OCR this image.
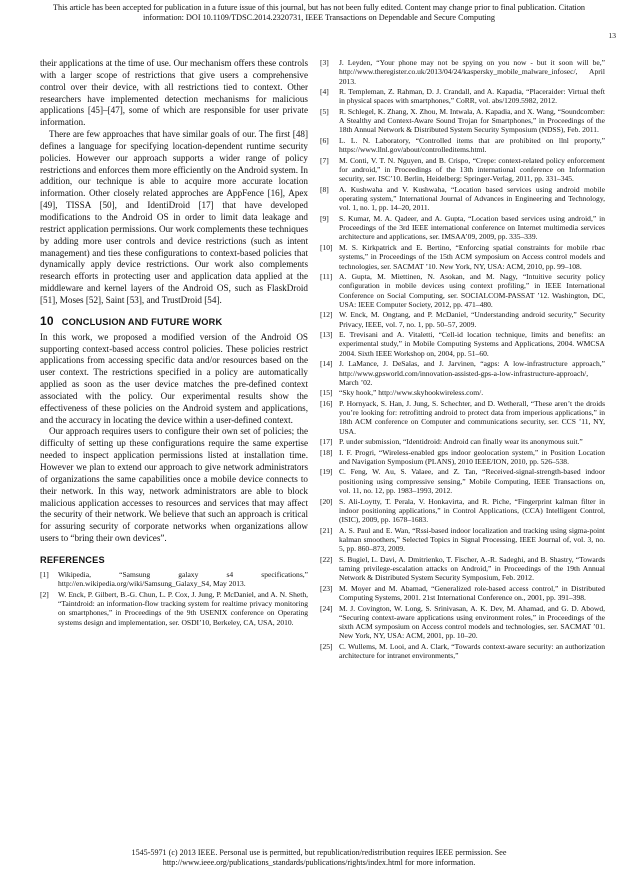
This article has been accepted for publication in a future issue of this journal, but has not been fully edited. Content may change prior to final publication. Citation
information: DOI 10.1109/TDSC.2014.2320731, IEEE Transactions on Dependable and Secure Computing
13

their applications at the time of use. Our mechanism offers these controls with a larger scope of restrictions that give users a comprehensive control over their device, with all restrictions tied to context. Other researchers have implemented detection mechanisms for malicious applications [45]–[47], some of which are responsible for user private information.

There are few approaches that have similar goals of our. The first [48] defines a language for specifying location-dependent runtime security policies. However our approach supports a wider range of policy restrictions and enforces them more efficiently on the Android system. In addition, our technique is able to acquire more accurate location information. Other closely related approches are AppFence [16], Apex [49], TISSA [50], and IdentiDroid [17] that have developed modifications to the Android OS in order to limit data leakage and restrict application permissions. Our work complements these techniques by adding more user controls and device restrictions (such as intent management) and ties these configurations to context-based policies that dynamically apply device restrictions. Our work also complements research efforts in protecting user and application data applied at the middleware and kernel layers of the Android OS, such as FlaskDroid [51], Moses [52], Saint [53], and TrustDroid [54].

10 CONCLUSION AND FUTURE WORK

In this work, we proposed a modified version of the Android OS supporting context-based access control policies. These policies restrict applications from accessing specific data and/or resources based on the user context. The restrictions specified in a policy are automatically applied as soon as the user device matches the pre-defined context associated with the policy. Our experimental results show the effectiveness of these policies on the Android system and applications, and the accuracy in locating the device within a user-defined context.

Our approach requires users to configure their own set of policies; the difficulty of setting up these configurations require the same expertise needed to inspect application permissions listed at installation time. However we plan to extend our approach to give network administrators of organizations the same capabilities once a mobile device connects to their network. In this way, network administrators are able to block malicious application accesses to resources and services that may affect the security of their network. We believe that such an approach is critical for assuring security of corporate networks when organizations allow users to “bring their own devices”.

REFERENCES
[1] Wikipedia, “Samsung galaxy s4 specifications,” http://en.wikipedia.org/wiki/Samsung_Galaxy_S4, May 2013.
[2] W. Enck, P. Gilbert, B.-G. Chun, L. P. Cox, J. Jung, P. McDaniel, and A. N. Sheth, “Taintdroid: an information-flow tracking system for realtime privacy monitoring on smartphones,” in Proceedings of the 9th USENIX conference on Operating systems design and implementation, ser. OSDI’10, Berkeley, CA, USA, 2010.
[3] J. Leyden, “Your phone may not be spying on you now - but it soon will be,” http://www.theregister.co.uk/2013/04/24/kaspersky_mobile_malware_infosec/, April 2013.
[4] R. Templeman, Z. Rahman, D. J. Crandall, and A. Kapadia, “Placeraider: Virtual theft in physical spaces with smartphones,” CoRR, vol. abs/1209.5982, 2012.
[5] R. Schlegel, K. Zhang, X. Zhou, M. Intwala, A. Kapadia, and X. Wang, “Soundcomber: A Stealthy and Context-Aware Sound Trojan for Smartphones,” in Proceedings of the 18th Annual Network & Distributed System Security Symposium (NDSS), Feb. 2011.
[6] L. L. N. Laboratory, “Controlled items that are prohibited on llnl proporty,” https://www.llnl.gov/about/controlleditems.html.
[7] M. Conti, V. T. N. Nguyen, and B. Crispo, “Crepe: context-related policy enforcement for android,” in Proceedings of the 13th international conference on Information security, ser. ISC’10. Berlin, Heidelberg: Springer-Verlag, 2011, pp. 331–345.
[8] A. Kushwaha and V. Kushwaha, “Location based services using android mobile operating system,” International Journal of Advances in Engineering and Technology, vol. 1, no. 1, pp. 14–20, 2011.
[9] S. Kumar, M. A. Qadeer, and A. Gupta, “Location based services using android,” in Proceedings of the 3rd IEEE international conference on Internet multimedia services architecture and applications, ser. IMSAA’09, 2009, pp. 335–339.
[10] M. S. Kirkpatrick and E. Bertino, “Enforcing spatial constraints for mobile rbac systems,” in Proceedings of the 15th ACM symposium on Access control models and technologies, ser. SACMAT ’10. New York, NY, USA: ACM, 2010, pp. 99–108.
[11] A. Gupta, M. Miettinen, N. Asokan, and M. Nagy, “Intuitive security policy configuration in mobile devices using context profiling,” in IEEE International Conference on Social Computing, ser. SOCIALCOM-PASSAT ’12. Washington, DC, USA: IEEE Computer Society, 2012, pp. 471–480.
[12] W. Enck, M. Ongtang, and P. McDaniel, “Understanding android security,” Security Privacy, IEEE, vol. 7, no. 1, pp. 50–57, 2009.
[13] E. Trevisani and A. Vitaletti, “Cell-id location technique, limits and benefits: an experimental study,” in Mobile Computing Systems and Applications, 2004. WMCSA 2004. Sixth IEEE Workshop on, 2004, pp. 51–60.
[14] J. LaMance, J. DeSalas, and J. Jarvinen, “agps: A low-infrastructure approach,” http://www.gpsworld.com/innovation-assisted-gps-a-low-infrastructure-approach/, March ’02.
[15] “Sky hook,” http://www.skyhookwireless.com/.
[16] P. Hornyack, S. Han, J. Jung, S. Schechter, and D. Wetherall, “These aren’t the droids you’re looking for: retrofitting android to protect data from imperious applications,” in 18th ACM conference on Computer and communications security, ser. CCS ’11, NY, USA.
[17] P. under submission, “Identidroid: Android can finally wear its anonymous suit.”
[18] I. F. Progri, “Wireless-enabled gps indoor geolocation system,” in Position Location and Navigation Symposium (PLANS), 2010 IEEE/ION, 2010, pp. 526–538.
[19] C. Feng, W. Au, S. Valaee, and Z. Tan, “Received-signal-strength-based indoor positioning using compressive sensing,” Mobile Computing, IEEE Transactions on, vol. 11, no. 12, pp. 1983–1993, 2012.
[20] S. Ali-Loytty, T. Perala, V. Honkavirta, and R. Piche, “Fingerprint kalman filter in indoor positioning applications,” in Control Applications, (CCA) Intelligent Control, (ISIC), 2009, pp. 1678–1683.
[21] A. S. Paul and E. Wan, “Rssi-based indoor localization and tracking using sigma-point kalman smoothers,” Selected Topics in Signal Processing, IEEE Journal of, vol. 3, no. 5, pp. 860–873, 2009.
[22] S. Bugiel, L. Davi, A. Dmitrienko, T. Fischer, A.-R. Sadeghi, and B. Shastry, “Towards taming privilege-escalation attacks on Android,” in Proceedings of the 19th Annual Network & Distributed System Security Symposium, Feb. 2012.
[23] M. Moyer and M. Abamad, “Generalized role-based access control,” in Distributed Computing Systems, 2001. 21st International Conference on., 2001, pp. 391–398.
[24] M. J. Covington, W. Long, S. Srinivasan, A. K. Dev, M. Ahamad, and G. D. Abowd, “Securing context-aware applications using environment roles,” in Proceedings of the sixth ACM symposium on Access control models and technologies, ser. SACMAT ’01. New York, NY, USA: ACM, 2001, pp. 10–20.
[25] C. Wullems, M. Looi, and A. Clark, “Towards context-aware security: an authorization architecture for intranet environments,”
1545-5971 (c) 2013 IEEE. Personal use is permitted, but republication/redistribution requires IEEE permission. See
http://www.ieee.org/publications_standards/publications/rights/index.html for more information.
